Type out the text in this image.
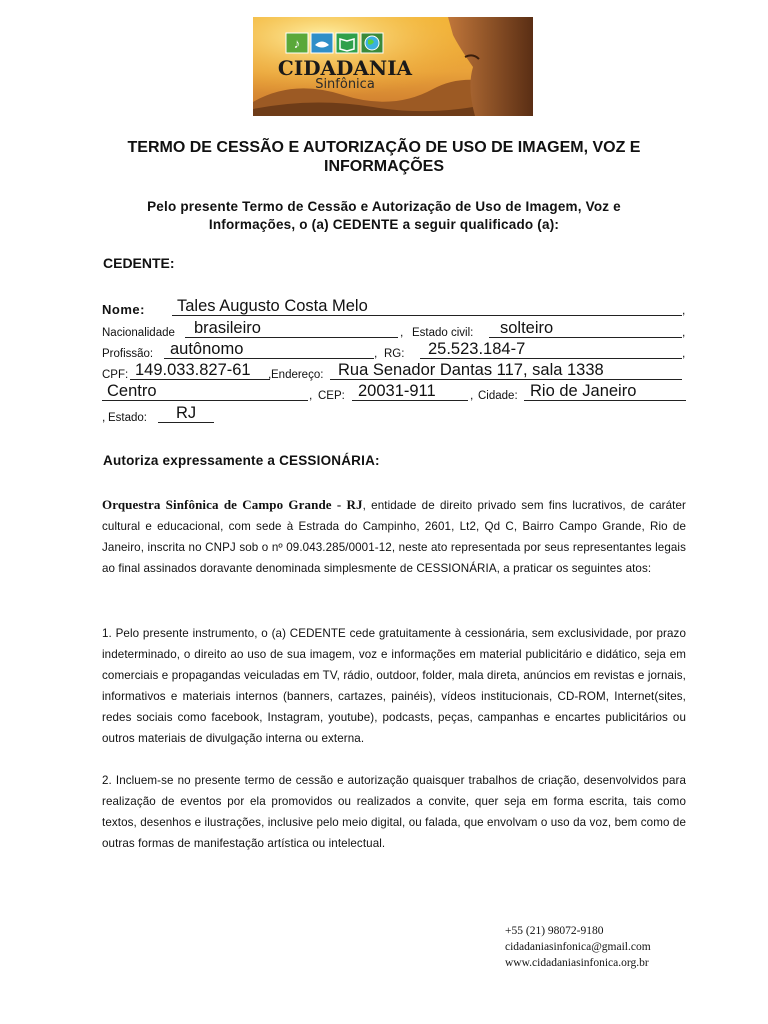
♪
CIDADANIA
Sinfônica
TERMO DE CESSÃO E AUTORIZAÇÃO DE USO DE IMAGEM, VOZ E INFORMAÇÕES
Pelo presente Termo de Cessão e Autorização de Uso de Imagem, Voz e Informações, o (a) CEDENTE a seguir qualificado (a):
CEDENTE:
Nome: Tales Augusto Costa Melo	,
Nacionalidade brasileiro	, Estado civil: solteiro	,
Profissão: autônomo	, RG: 25.523.184-7	,
CPF: 149.033.827-61 , Endereço: Rua Senador Dantas 117, sala 1338
Centro	, CEP: 20031-911	, Cidade: Rio de Janeiro
, Estado: RJ
Autoriza expressamente a CESSIONÁRIA:
Orquestra Sinfônica de Campo Grande - RJ, entidade de direito privado sem fins lucrativos, de caráter cultural e educacional, com sede à Estrada do Campinho, 2601, Lt2, Qd C, Bairro Campo Grande, Rio de Janeiro, inscrita no CNPJ sob o nº 09.043.285/0001-12, neste ato representada por seus representantes legais ao final assinados doravante denominada simplesmente de CESSIONÁRIA, a praticar os seguintes atos:
1. Pelo presente instrumento, o (a) CEDENTE cede gratuitamente à cessionária, sem exclusividade, por prazo indeterminado, o direito ao uso de sua imagem, voz e informações em material publicitário e didático, seja em comerciais e propagandas veiculadas em TV, rádio, outdoor, folder, mala direta, anúncios em revistas e jornais, informativos e materiais internos (banners, cartazes, painéis), vídeos institucionais, CD-ROM, Internet(sites, redes sociais como facebook, Instagram, youtube), podcasts, peças, campanhas e encartes publicitários ou outros materiais de divulgação interna ou externa.
2. Incluem-se no presente termo de cessão e autorização quaisquer trabalhos de criação, desenvolvidos para realização de eventos por ela promovidos ou realizados a convite, quer seja em forma escrita, tais como textos, desenhos e ilustrações, inclusive pelo meio digital, ou falada, que envolvam o uso da voz, bem como de outras formas de manifestação artística ou intelectual.
+55 (21) 98072-9180
cidadaniasinfonica@gmail.com
www.cidadaniasinfonica.org.br
